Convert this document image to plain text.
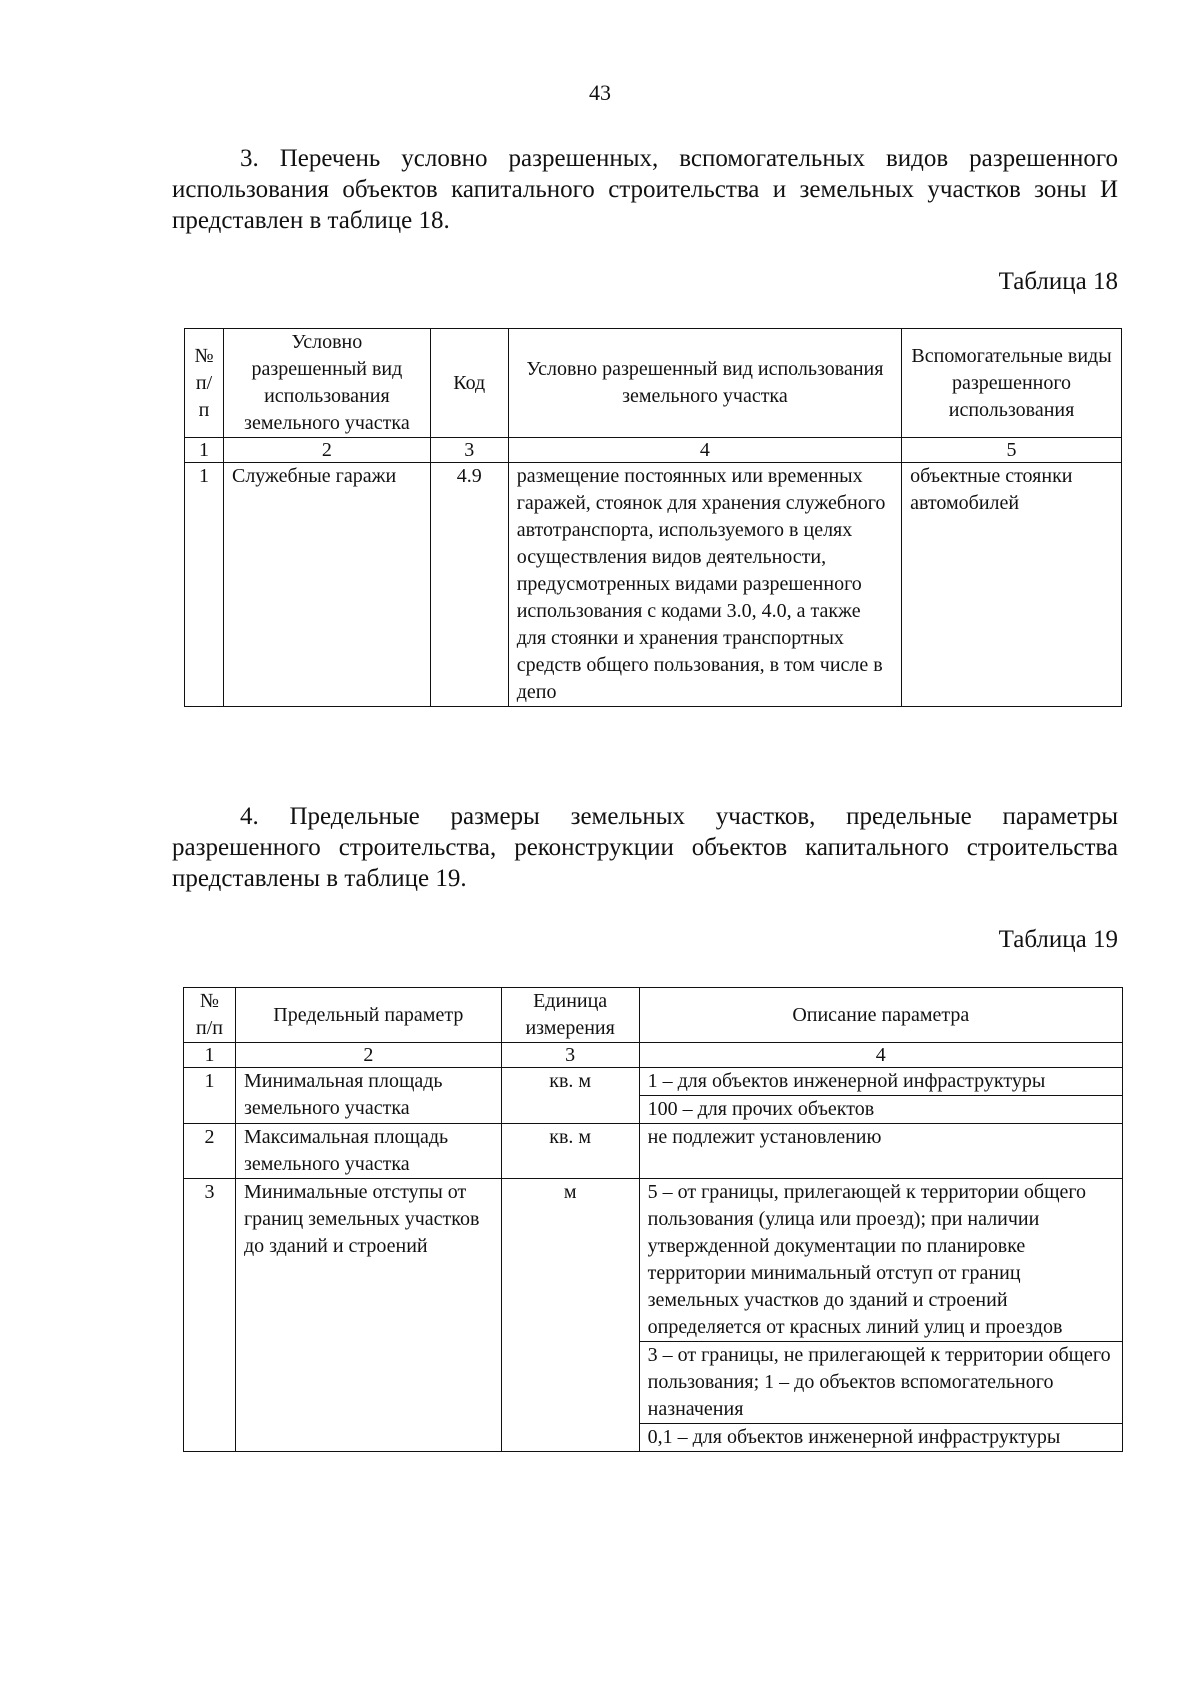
43
3. Перечень условно разрешенных, вспомогательных видов разрешенного использования объектов капитального строительства и земельных участков зоны И представлен в таблице 18.
Таблица 18
№ п/п	Условно разрешенный вид использования земельного участка	Код	Условно разрешенный вид использования земельного участка	Вспомогательные виды разрешенного использования
1	2	3	4	5
1	Служебные гаражи	4.9	размещение постоянных или временных гаражей, стоянок для хранения служебного автотранспорта, используемого в целях осуществления видов деятельности, предусмотренных видами разрешенного использования с кодами 3.0, 4.0, а также для стоянки и хранения транспортных средств общего пользования, в том числе в депо	объектные стоянки автомобилей
4. Предельные размеры земельных участков, предельные параметры разрешенного строительства, реконструкции объектов капитального строительства представлены в таблице 19.
Таблица 19
№ п/п	Предельный параметр	Единица измерения	Описание параметра
1	2	3	4
1	Минимальная площадь земельного участка	кв. м	1 – для объектов инженерной инфраструктуры
100 – для прочих объектов

2	Максимальная площадь земельного участка	кв. м	не подлежит установлению

3	Минимальные отступы от границ земельных участков до зданий и строений	м	5 – от границы, прилегающей к территории общего пользования (улица или проезд); при наличии утвержденной документации по планировке территории минимальный отступ от границ земельных участков до зданий и строений определяется от красных линий улиц и проездов
3 – от границы, не прилегающей к территории общего пользования; 1 – до объектов вспомогательного назначения
0,1 – для объектов инженерной инфраструктуры
